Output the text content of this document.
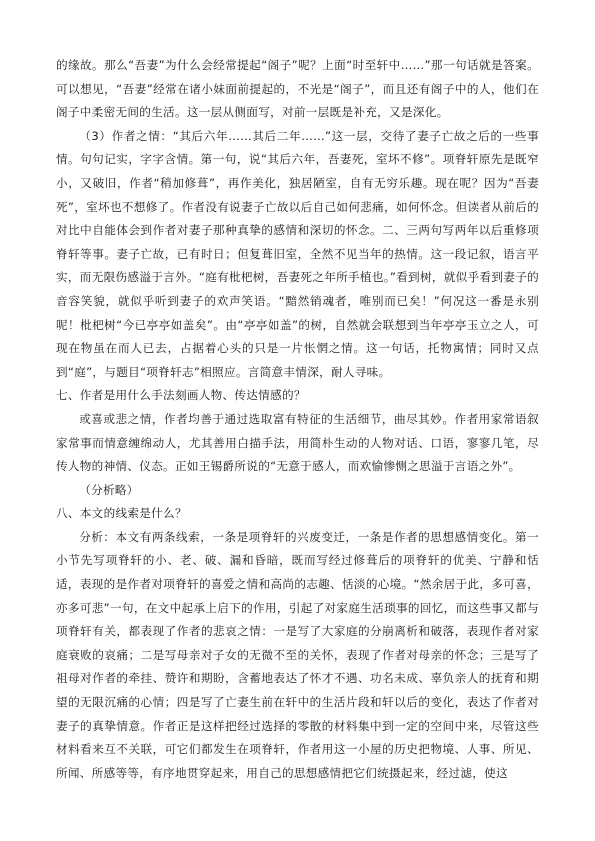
的缘故。那么“吾妻”为什么会经常提起“阁子”呢？上面“时至轩中……”那一句话就是答案。可以想见，“吾妻”经常在诸小妹面前提起的，不光是“阁子”，而且还有阁子中的人，他们在阁子中柔密无间的生活。这一层从侧面写，对前一层既是补充，又是深化。

（3）作者之情：“其后六年……其后二年……”这一层，交待了妻子亡故之后的一些事情。句句记实，字字含情。第一句，说“其后六年，吾妻死，室坏不修”。项脊轩原先是既窄小，又破旧，作者“稍加修葺”，再作美化，独居陋室，自有无穷乐趣。现在呢？因为“吾妻死”，室坏也不想修了。作者没有说妻子亡故以后自己如何悲痛，如何怀念。但读者从前后的对比中自能体会到作者对妻子那种真挚的感情和深切的怀念。二、三两句写两年以后重修项脊轩等事。妻子亡故，已有时日；但复葺旧室，全然不见当年的热情。这一段记叙，语言平实，而无限伤感溢于言外。“庭有枇杷树，吾妻死之年所手植也。”看到树，就似乎看到妻子的音容笑貌，就似乎听到妻子的欢声笑语。“黯然销魂者，唯别而已矣！”何况这一番是永别呢！枇杷树“今已亭亭如盖矣”。由“亭亭如盖”的树，自然就会联想到当年亭亭玉立之人，可现在物虽在而人已去，占据着心头的只是一片怅惘之情。这一句话，托物寓情；同时又点到“庭”，与题目“项脊轩志”相照应。言简意丰情深，耐人寻味。

七、作者是用什么手法刻画人物、传达情感的？

或喜或悲之情，作者均善于通过选取富有特征的生活细节，曲尽其妙。作者用家常语叙家常事而情意缠绵动人，尤其善用白描手法，用简朴生动的人物对话、口语，寥寥几笔，尽传人物的神情、仪态。正如王锡爵所说的“无意于感人，而欢愉惨恻之思溢于言语之外”。

（分析略）

八、本文的线索是什么？

分析：本文有两条线索，一条是项脊轩的兴废变迁，一条是作者的思想感情变化。第一小节先写项脊轩的小、老、破、漏和昏暗，既而写经过修葺后的项脊轩的优美、宁静和恬适，表现的是作者对项脊轩的喜爱之情和高尚的志趣、恬淡的心境。“然余居于此，多可喜，亦多可悲”一句，在文中起承上启下的作用，引起了对家庭生活琐事的回忆，而这些事又都与项脊轩有关，都表现了作者的悲哀之情：一是写了大家庭的分崩离析和破落，表现作者对家庭衰败的哀痛；二是写母亲对子女的无微不至的关怀，表现了作者对母亲的怀念；三是写了祖母对作者的牵挂、赞许和期盼，含蓄地表达了怀才不遇、功名未成、辜负亲人的抚育和期望的无限沉痛的心情；四是写了亡妻生前在轩中的生活片段和轩以后的变化，表达了作者对妻子的真挚情意。作者正是这样把经过选择的零散的材料集中到一定的空间中来，尽管这些材料看来互不关联，可它们都发生在项脊轩，作者用这一小屋的历史把物境、人事、所见、所闻、所感等等，有序地贯穿起来，用自己的思想感情把它们统摄起来，经过滤，使这
